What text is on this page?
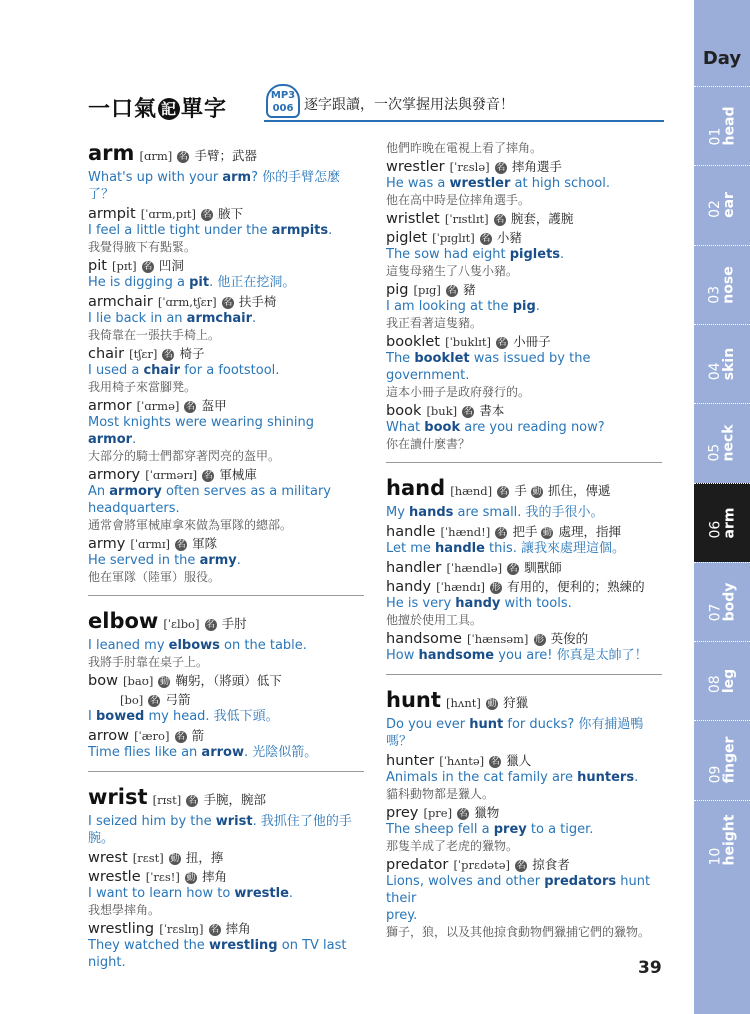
一口氣 記 單字
MP3
006 逐字跟讀，一次掌握用法與發音！
arm [ɑrm] 名 手臂；武器
What's up with your arm? 你的手臂怎麼了？
armpit [ˈɑrm,pɪt] 名 腋下
I feel a little tight under the armpits.
我覺得腋下有點緊。
pit [pɪt] 名 凹洞
He is digging a pit. 他正在挖洞。
armchair [ˈɑrm,tʃɛr] 名 扶手椅
I lie back in an armchair.
我倚靠在一張扶手椅上。
chair [tʃɛr] 名 椅子
I used a chair for a footstool.
我用椅子來當腳凳。
armor [ˈɑrmə] 名 盔甲
Most knights were wearing shining armor.
大部分的騎士們都穿著閃亮的盔甲。
armory [ˈɑrmərɪ] 名 軍械庫
An armory often serves as a military
headquarters.
通常會將軍械庫拿來做為軍隊的總部。
army [ˈɑrmɪ] 名 軍隊
He served in the army.
他在軍隊（陸軍）服役。
elbow [ˈɛlbo] 名 手肘
I leaned my elbows on the table.
我將手肘靠在桌子上。
bow [baʊ] 動 鞠躬，（將頭）低下
[bo] 名 弓箭
I bowed my head. 我低下頭。
arrow [ˈæro] 名 箭
Time flies like an arrow. 光陰似箭。
wrist [rɪst] 名 手腕，腕部
I seized him by the wrist. 我抓住了他的手腕。
wrest [rɛst] 動 扭，擰
wrestle [ˈrɛs!] 動 摔角
I want to learn how to wrestle.
我想學摔角。
wrestling [ˈrɛslɪŋ] 名 摔角
They watched the wrestling on TV last night.
他們昨晚在電視上看了摔角。
wrestler [ˈrɛslə] 名 摔角選手
He was a wrestler at high school.
他在高中時是位摔角選手。
wristlet [ˈrɪstlɪt] 名 腕套，護腕
piglet [ˈpɪglɪt] 名 小豬
The sow had eight piglets.
這隻母豬生了八隻小豬。
pig [pɪg] 名 豬
I am looking at the pig.
我正看著這隻豬。
booklet [ˈbuklɪt] 名 小冊子
The booklet was issued by the government.
這本小冊子是政府發行的。
book [buk] 名 書本
What book are you reading now?
你在讀什麼書？
hand [hænd] 名 手 動 抓住，傳遞
My hands are small. 我的手很小。
handle [ˈhænd!] 名 把手 動 處理，指揮
Let me handle this. 讓我來處理這個。
handler [ˈhændlə] 名 馴獸師
handy [ˈhændɪ] 形 有用的，便利的；熟練的
He is very handy with tools.
他擅於使用工具。
handsome [ˈhænsəm] 形 英俊的
How handsome you are! 你真是太帥了！
hunt [hʌnt] 動 狩獵
Do you ever hunt for ducks? 你有捕過鴨嗎？
hunter [ˈhʌntə] 名 獵人
Animals in the cat family are hunters.
貓科動物都是獵人。
prey [pre] 名 獵物
The sheep fell a prey to a tiger.
那隻羊成了老虎的獵物。
predator [ˈprɛdətə] 名 掠食者
Lions, wolves and other predators hunt their
prey.
獅子，狼，以及其他掠食動物們獵捕它們的獵物。
Day
01
head
02
ear
03
nose
04
skin
05
neck
06
arm
07
body
08
leg
09
finger
10
height
39
